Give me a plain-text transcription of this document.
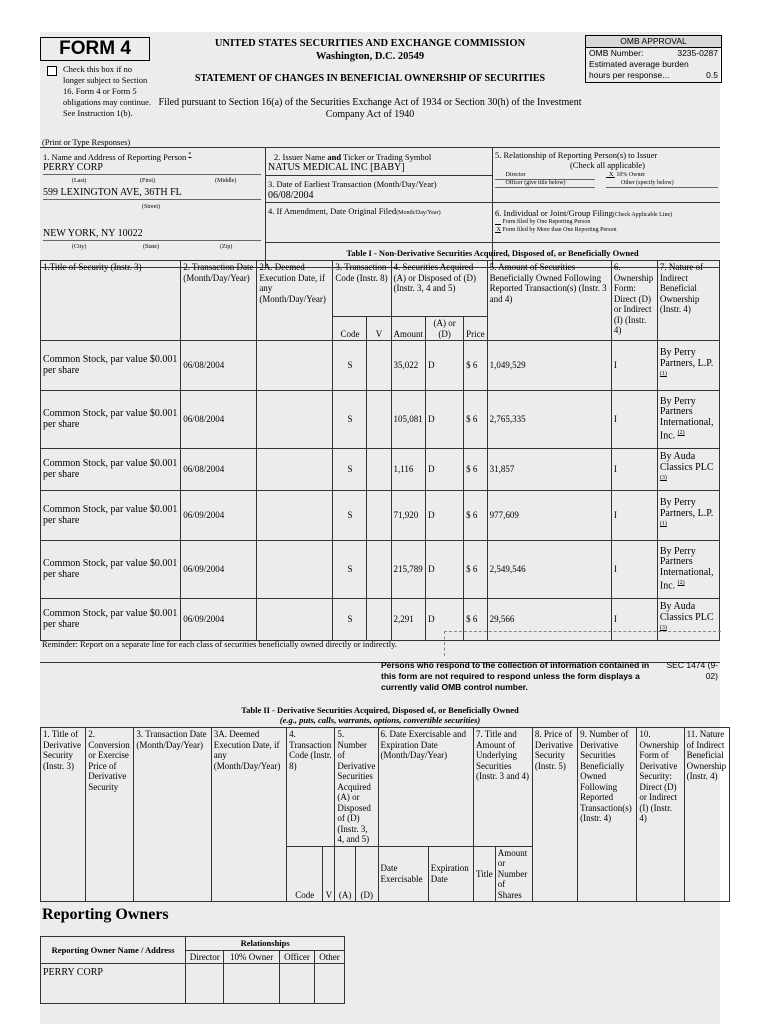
FORM 4
Check this box if no longer subject to Section 16. Form 4 or Form 5 obligations may continue. See Instruction 1(b).
UNITED STATES SECURITIES AND EXCHANGE COMMISSION
Washington, D.C. 20549
STATEMENT OF CHANGES IN BENEFICIAL OWNERSHIP OF SECURITIES
Filed pursuant to Section 16(a) of the Securities Exchange Act of 1934 or Section 30(h) of the Investment Company Act of 1940
OMB APPROVAL
OMB Number:	3235-0287
Estimated average burden
hours per response...	0.5
(Print or Type Responses)
1. Name and Address of Reporting Person *
PERRY CORP
(Last)	(First)	(Middle)
599 LEXINGTON AVE, 36TH FL
(Street)
NEW YORK, NY 10022
(City)	(State)	(Zip)
2. Issuer Name and Ticker or Trading Symbol
NATUS MEDICAL INC [BABY]
3. Date of Earliest Transaction (Month/Day/Year)
06/08/2004
4. If Amendment, Date Original Filed(Month/Day/Year)
5. Relationship of Reporting Person(s) to Issuer
(Check all applicable)
Director	X 10% Owner
Officer (give title below)	Other (specify below)
6. Individual or Joint/Group Filing(Check Applicable Line)
Form filed by One Reporting Person
X Form filed by More than One Reporting Person
Table I - Non-Derivative Securities Acquired, Disposed of, or Beneficially Owned
1.Title of Security (Instr. 3)	2. Transaction Date (Month/Day/Year)	2A. Deemed Execution Date, if any (Month/Day/Year)	3. Transaction Code (Instr. 8)		4. Securities Acquired (A) or Disposed of (D) (Instr. 3, 4 and 5)			5. Amount of Securities Beneficially Owned Following Reported Transaction(s) (Instr. 3 and 4)	6. Ownership Form: Direct (D) or Indirect (I) (Instr. 4)	7. Nature of Indirect Beneficial Ownership (Instr. 4)
			Code	V	Amount	(A) or (D)	Price			
Common Stock, par value $0.001 per share	06/08/2004		S		35,022	D	$ 6	1,049,529	I	By Perry Partners, L.P. $^{(1)}$
Common Stock, par value $0.001 per share	06/08/2004		S		105,081	D	$ 6	2,765,335	I	By Perry Partners International, Inc. $^{(2)}$
Common Stock, par value $0.001 per share	06/08/2004		S		1,116	D	$ 6	31,857	I	By Auda Classics PLC $^{(3)}$
Common Stock, par value $0.001 per share	06/09/2004		S		71,920	D	$ 6	977,609	I	By Perry Partners, L.P. $^{(1)}$
Common Stock, par value $0.001 per share	06/09/2004		S		215,789	D	$ 6	2,549,546	I	By Perry Partners International, Inc. $^{(2)}$
Common Stock, par value $0.001 per share	06/09/2004		S		2,291	D	$ 6	29,566	I	By Auda Classics PLC $^{(3)}$
Reminder: Report on a separate line for each class of securities beneficially owned directly or indirectly.
Persons who respond to the collection of information contained in this form are not required to respond unless the form displays a currently valid OMB control number.
SEC 1474 (9-02)
Table II - Derivative Securities Acquired, Disposed of, or Beneficially Owned
(e.g., puts, calls, warrants, options, convertible securities)
1. Title of Derivative Security (Instr. 3)	2. Conversion or Exercise Price of Derivative Security	3. Transaction Date (Month/Day/Year)	3A. Deemed Execution Date, if any (Month/Day/Year)	4. Transaction Code (Instr. 8)		5. Number of Derivative Securities Acquired (A) or Disposed of (D) (Instr. 3, 4, and 5)		6. Date Exercisable and Expiration Date (Month/Day/Year)		7. Title and Amount of Underlying Securities (Instr. 3 and 4)		8. Price of Derivative Security (Instr. 5)	9. Number of Derivative Securities Beneficially Owned Following Reported Transaction(s) (Instr. 4)	10. Ownership Form of Derivative Security: Direct (D) or Indirect (I) (Instr. 4)	11. Nature of Indirect Beneficial Ownership (Instr. 4)
				Code	V	(A)	(D)	Date Exercisable	Expiration Date	Title	Amount or Number of Shares				
Reporting Owners
Reporting Owner Name / Address	Relationships			
	Director	10% Owner	Officer	Other
PERRY CORP				
